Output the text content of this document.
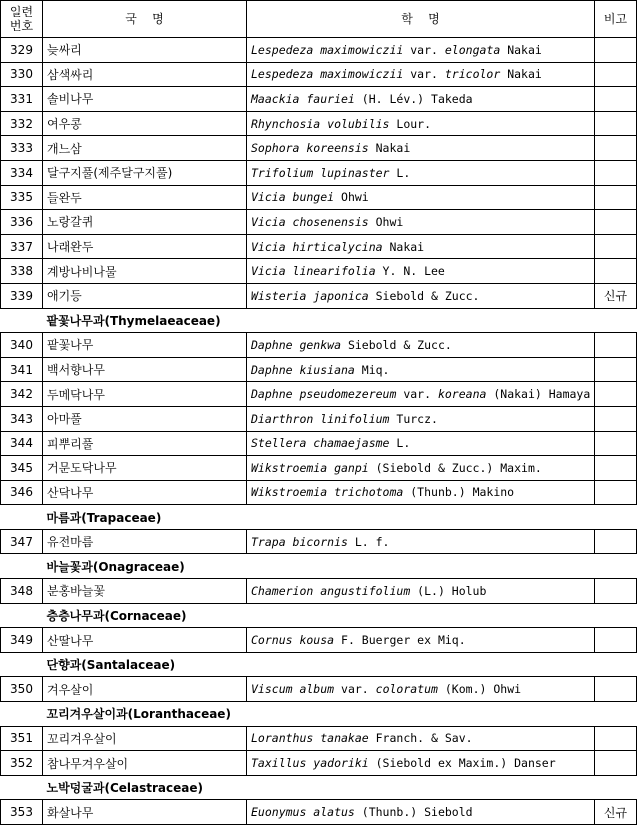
일련
번호	국    명	학    명	비고
329	늦싸리	Lespedeza maximowiczii var. elongata Nakai	
330	삼색싸리	Lespedeza maximowiczii var. tricolor Nakai	
331	솔비나무	Maackia fauriei (H. Lév.) Takeda	
332	여우콩	Rhynchosia volubilis Lour.	
333	개느삼	Sophora koreensis Nakai	
334	달구지풀(제주달구지풀)	Trifolium lupinaster L.	
335	들완두	Vicia bungei Ohwi	
336	노랑갈퀴	Vicia chosenensis Ohwi	
337	나래완두	Vicia hirticalycina Nakai	
338	계방나비나물	Vicia linearifolia Y. N. Lee	
339	애기등	Wisteria japonica Siebold & Zucc.	신규
	팥꽃나무과(Thymelaeaceae)		
340	팥꽃나무	Daphne genkwa Siebold & Zucc.	
341	백서향나무	Daphne kiusiana Miq.	
342	두메닥나무	Daphne pseudomezereum var. koreana (Nakai) Hamaya	
343	아마풀	Diarthron linifolium Turcz.	
344	피뿌리풀	Stellera chamaejasme L.	
345	거문도닥나무	Wikstroemia ganpi (Siebold & Zucc.) Maxim.	
346	산닥나무	Wikstroemia trichotoma (Thunb.) Makino	
	마름과(Trapaceae)		
347	유전마름	Trapa bicornis L. f.	
	바늘꽃과(Onagraceae)		
348	분홍바늘꽃	Chamerion angustifolium (L.) Holub	
	층층나무과(Cornaceae)		
349	산딸나무	Cornus kousa F. Buerger ex Miq.	
	단향과(Santalaceae)		
350	겨우살이	Viscum album var. coloratum (Kom.) Ohwi	
	꼬리겨우살이과(Loranthaceae)		
351	꼬리겨우살이	Loranthus tanakae Franch. & Sav.	
352	참나무겨우살이	Taxillus yadoriki (Siebold ex Maxim.) Danser	
	노박덩굴과(Celastraceae)		
353	화살나무	Euonymus alatus (Thunb.) Siebold	신규
